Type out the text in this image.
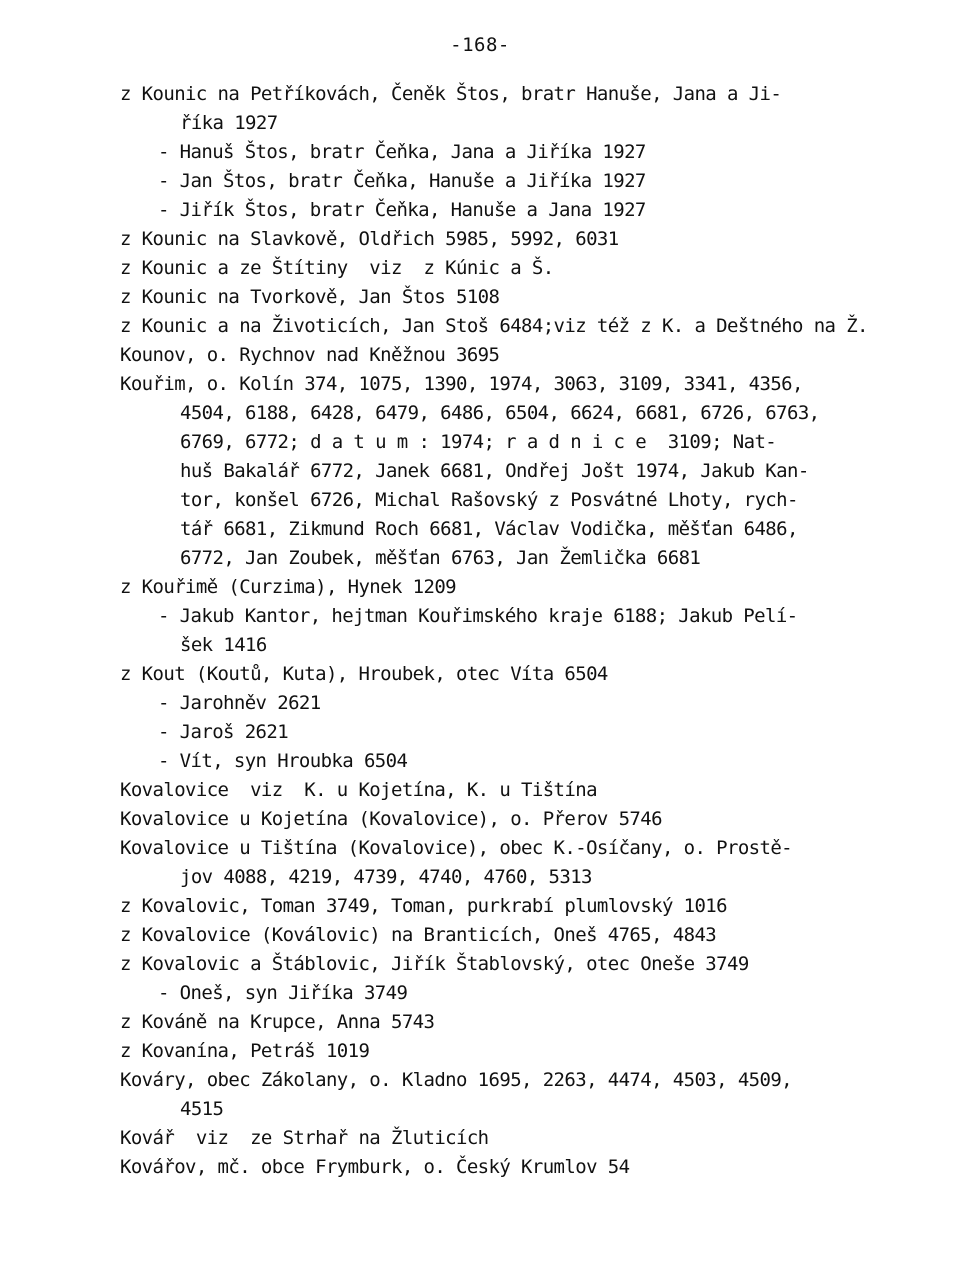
-168-
z Kounic na Petříkovách, Čeněk Štos, bratr Hanuše, Jana a Ji-
říka 1927
- Hanuš Štos, bratr Čeňka, Jana a Jiříka 1927
- Jan Štos, bratr Čeňka, Hanuše a Jiříka 1927
- Jiřík Štos, bratr Čeňka, Hanuše a Jana 1927
z Kounic na Slavkově, Oldřich 5985, 5992, 6031
z Kounic a ze Štítiny  viz  z Kúnic a Š.
z Kounic na Tvorkově, Jan Štos 5108
z Kounic a na Životicích, Jan Stoš 6484;viz též z K. a Deštného na Ž.
Kounov, o. Rychnov nad Kněžnou 3695
Kouřim, o. Kolín 374, 1075, 1390, 1974, 3063, 3109, 3341, 4356,
4504, 6188, 6428, 6479, 6486, 6504, 6624, 6681, 6726, 6763,
6769, 6772; d a t u m : 1974; r a d n i c e  3109; Nat-
huš Bakalář 6772, Janek 6681, Ondřej Jošt 1974, Jakub Kan-
tor, konšel 6726, Michal Rašovský z Posvátné Lhoty, rych-
tář 6681, Zikmund Roch 6681, Václav Vodička, měšťan 6486,
6772, Jan Zoubek, měšťan 6763, Jan Žemlička 6681
z Kouřimě (Curzima), Hynek 1209
- Jakub Kantor, hejtman Kouřimského kraje 6188; Jakub Pelí-
šek 1416
z Kout (Koutů, Kuta), Hroubek, otec Víta 6504
- Jarohněv 2621
- Jaroš 2621
- Vít, syn Hroubka 6504
Kovalovice  viz  K. u Kojetína, K. u Tištína
Kovalovice u Kojetína (Kovalovice), o. Přerov 5746
Kovalovice u Tištína (Kovalovice), obec K.-Osíčany, o. Prostě-
jov 4088, 4219, 4739, 4740, 4760, 5313
z Kovalovic, Toman 3749, Toman, purkrabí plumlovský 1016
z Kovalovice (Koválovic) na Branticích, Oneš 4765, 4843
z Kovalovic a Štáblovic, Jiřík Štablovský, otec Oneše 3749
- Oneš, syn Jiříka 3749
z Kováně na Krupce, Anna 5743
z Kovanína, Petráš 1019
Kováry, obec Zákolany, o. Kladno 1695, 2263, 4474, 4503, 4509,
4515
Kovář  viz  ze Strhař na Žluticích
Kovářov, mč. obce Frymburk, o. Český Krumlov 54
